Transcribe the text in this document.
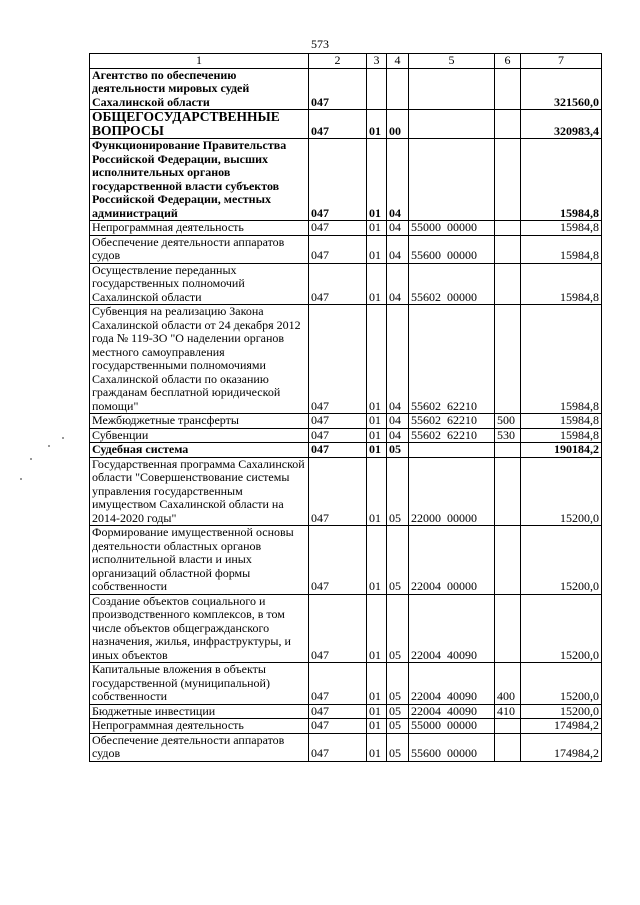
573
1	2	3	4	5	6	7
Агентство по обеспечению деятельности мировых судей Сахалинской области	047					321560,0
ОБЩЕГОСУДАРСТВЕННЫЕ ВОПРОСЫ	047	01	00			320983,4
Функционирование Правительства Российской Федерации, высших исполнительных органов государственной власти субъектов Российской Федерации, местных администраций	047	01	04			15984,8
Непрограммная деятельность	047	01	04	55000  00000		15984,8
Обеспечение деятельности аппаратов судов	047	01	04	55600  00000		15984,8
Осуществление переданных государственных полномочий Сахалинской области	047	01	04	55602  00000		15984,8
Субвенция на реализацию Закона Сахалинской области от 24 декабря 2012 года № 119-ЗО "О наделении органов местного самоуправления государственными полномочиями Сахалинской области по оказанию гражданам бесплатной юридической помощи"	047	01	04	55602  62210		15984,8
Межбюджетные трансферты	047	01	04	55602  62210	500	15984,8
Субвенции	047	01	04	55602  62210	530	15984,8
Судебная система	047	01	05			190184,2
Государственная программа Сахалинской области "Совершенствование системы управления государственным имуществом Сахалинской области на 2014-2020 годы"	047	01	05	22000  00000		15200,0
Формирование имущественной основы деятельности областных органов исполнительной власти и иных организаций областной формы собственности	047	01	05	22004  00000		15200,0
Создание объектов социального и производственного комплексов, в том числе объектов общегражданского назначения, жилья, инфраструктуры, и иных объектов	047	01	05	22004  40090		15200,0
Капитальные вложения в объекты государственной (муниципальной) собственности	047	01	05	22004  40090	400	15200,0
Бюджетные инвестиции	047	01	05	22004  40090	410	15200,0
Непрограммная деятельность	047	01	05	55000  00000		174984,2
Обеспечение деятельности аппаратов судов	047	01	05	55600  00000		174984,2
